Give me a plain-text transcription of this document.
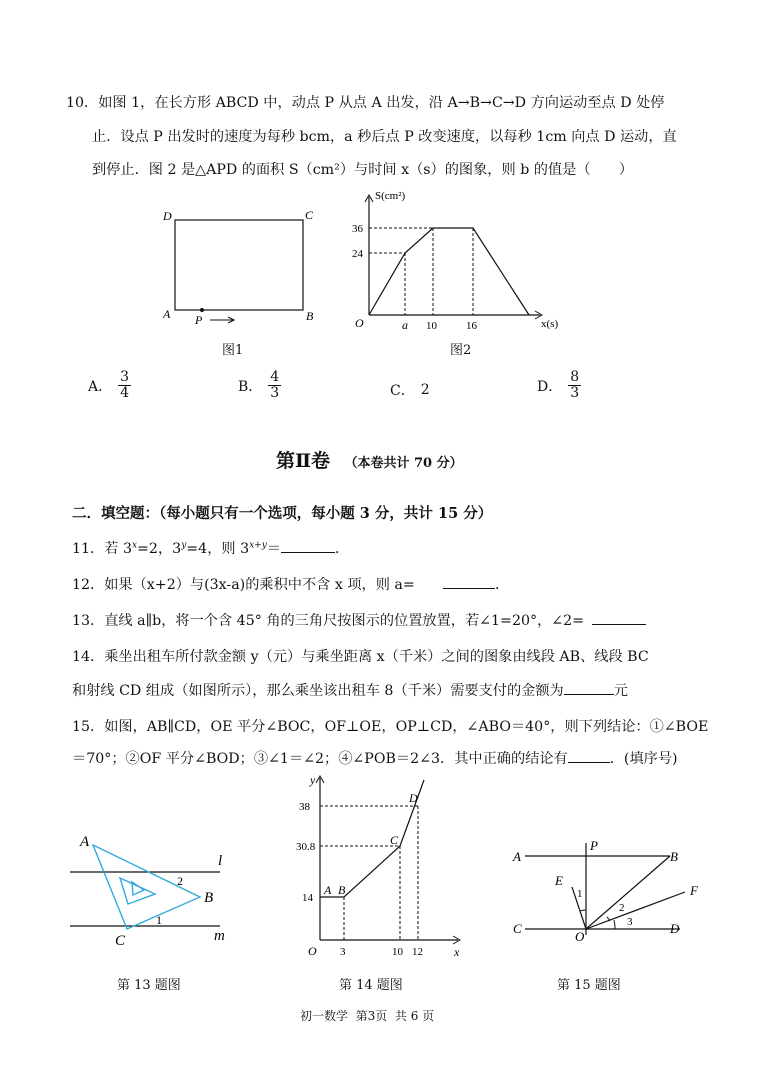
10．如图 1，在长方形 ABCD 中，动点 P 从点 A 出发，沿 A→B→C→D 方向运动至点 D 处停
止．设点 P 出发时的速度为每秒 bcm，a 秒后点 P 改变速度，以每秒 1cm 向点 D 运动，直
到停止．图 2 是△APD 的面积 S（cm²）与时间 x（s）的图象，则 b 的值是（　　）
D	C
A	B
P
图1
S(cm²)
x(s)
O
36
24
a 10	16
图2
A． $\frac{3}{4}$	B． $\frac{4}{3}$	C． 2	D． $\frac{8}{3}$
第Ⅱ卷 （本卷共计 70 分）
二．填空题：（每小题只有一个选项，每小题 3 分，共计 15 分）
11．若 $3^x=2$，$3^y=4$，则 $3^{x+y}=$	．
12．如果（x+2）与(3x-a)的乘积中不含 x 项，则 a=　	．
13．直线 a∥b，将一个含 45° 角的三角尺按图示的位置放置，若∠1=20°，∠2=
14．乘坐出租车所付款金额 y（元）与乘坐距离 x（千米）之间的图象由线段 AB、线段 BC
和射线 CD 组成（如图所示），那么乘坐该出租车 8（千米）需要支付的金额为	元
15．如图，AB∥CD，OE 平分∠BOC，OF⊥OE，OP⊥CD，∠ABO＝40°，则下列结论：①∠BOE
＝70°；②OF 平分∠BOD；③∠1＝∠2；④∠POB＝2∠3．其中正确的结论有	．(填序号)
A
B
C
l
m
2
1
第 13 题图
y
x
O
38
30.8
14
3	10 12
A B
C
D
第 14 题图
A
P
B
E
F
C
O
D
1
2
3
第 15 题图
初一数学  第3页  共 6 页
